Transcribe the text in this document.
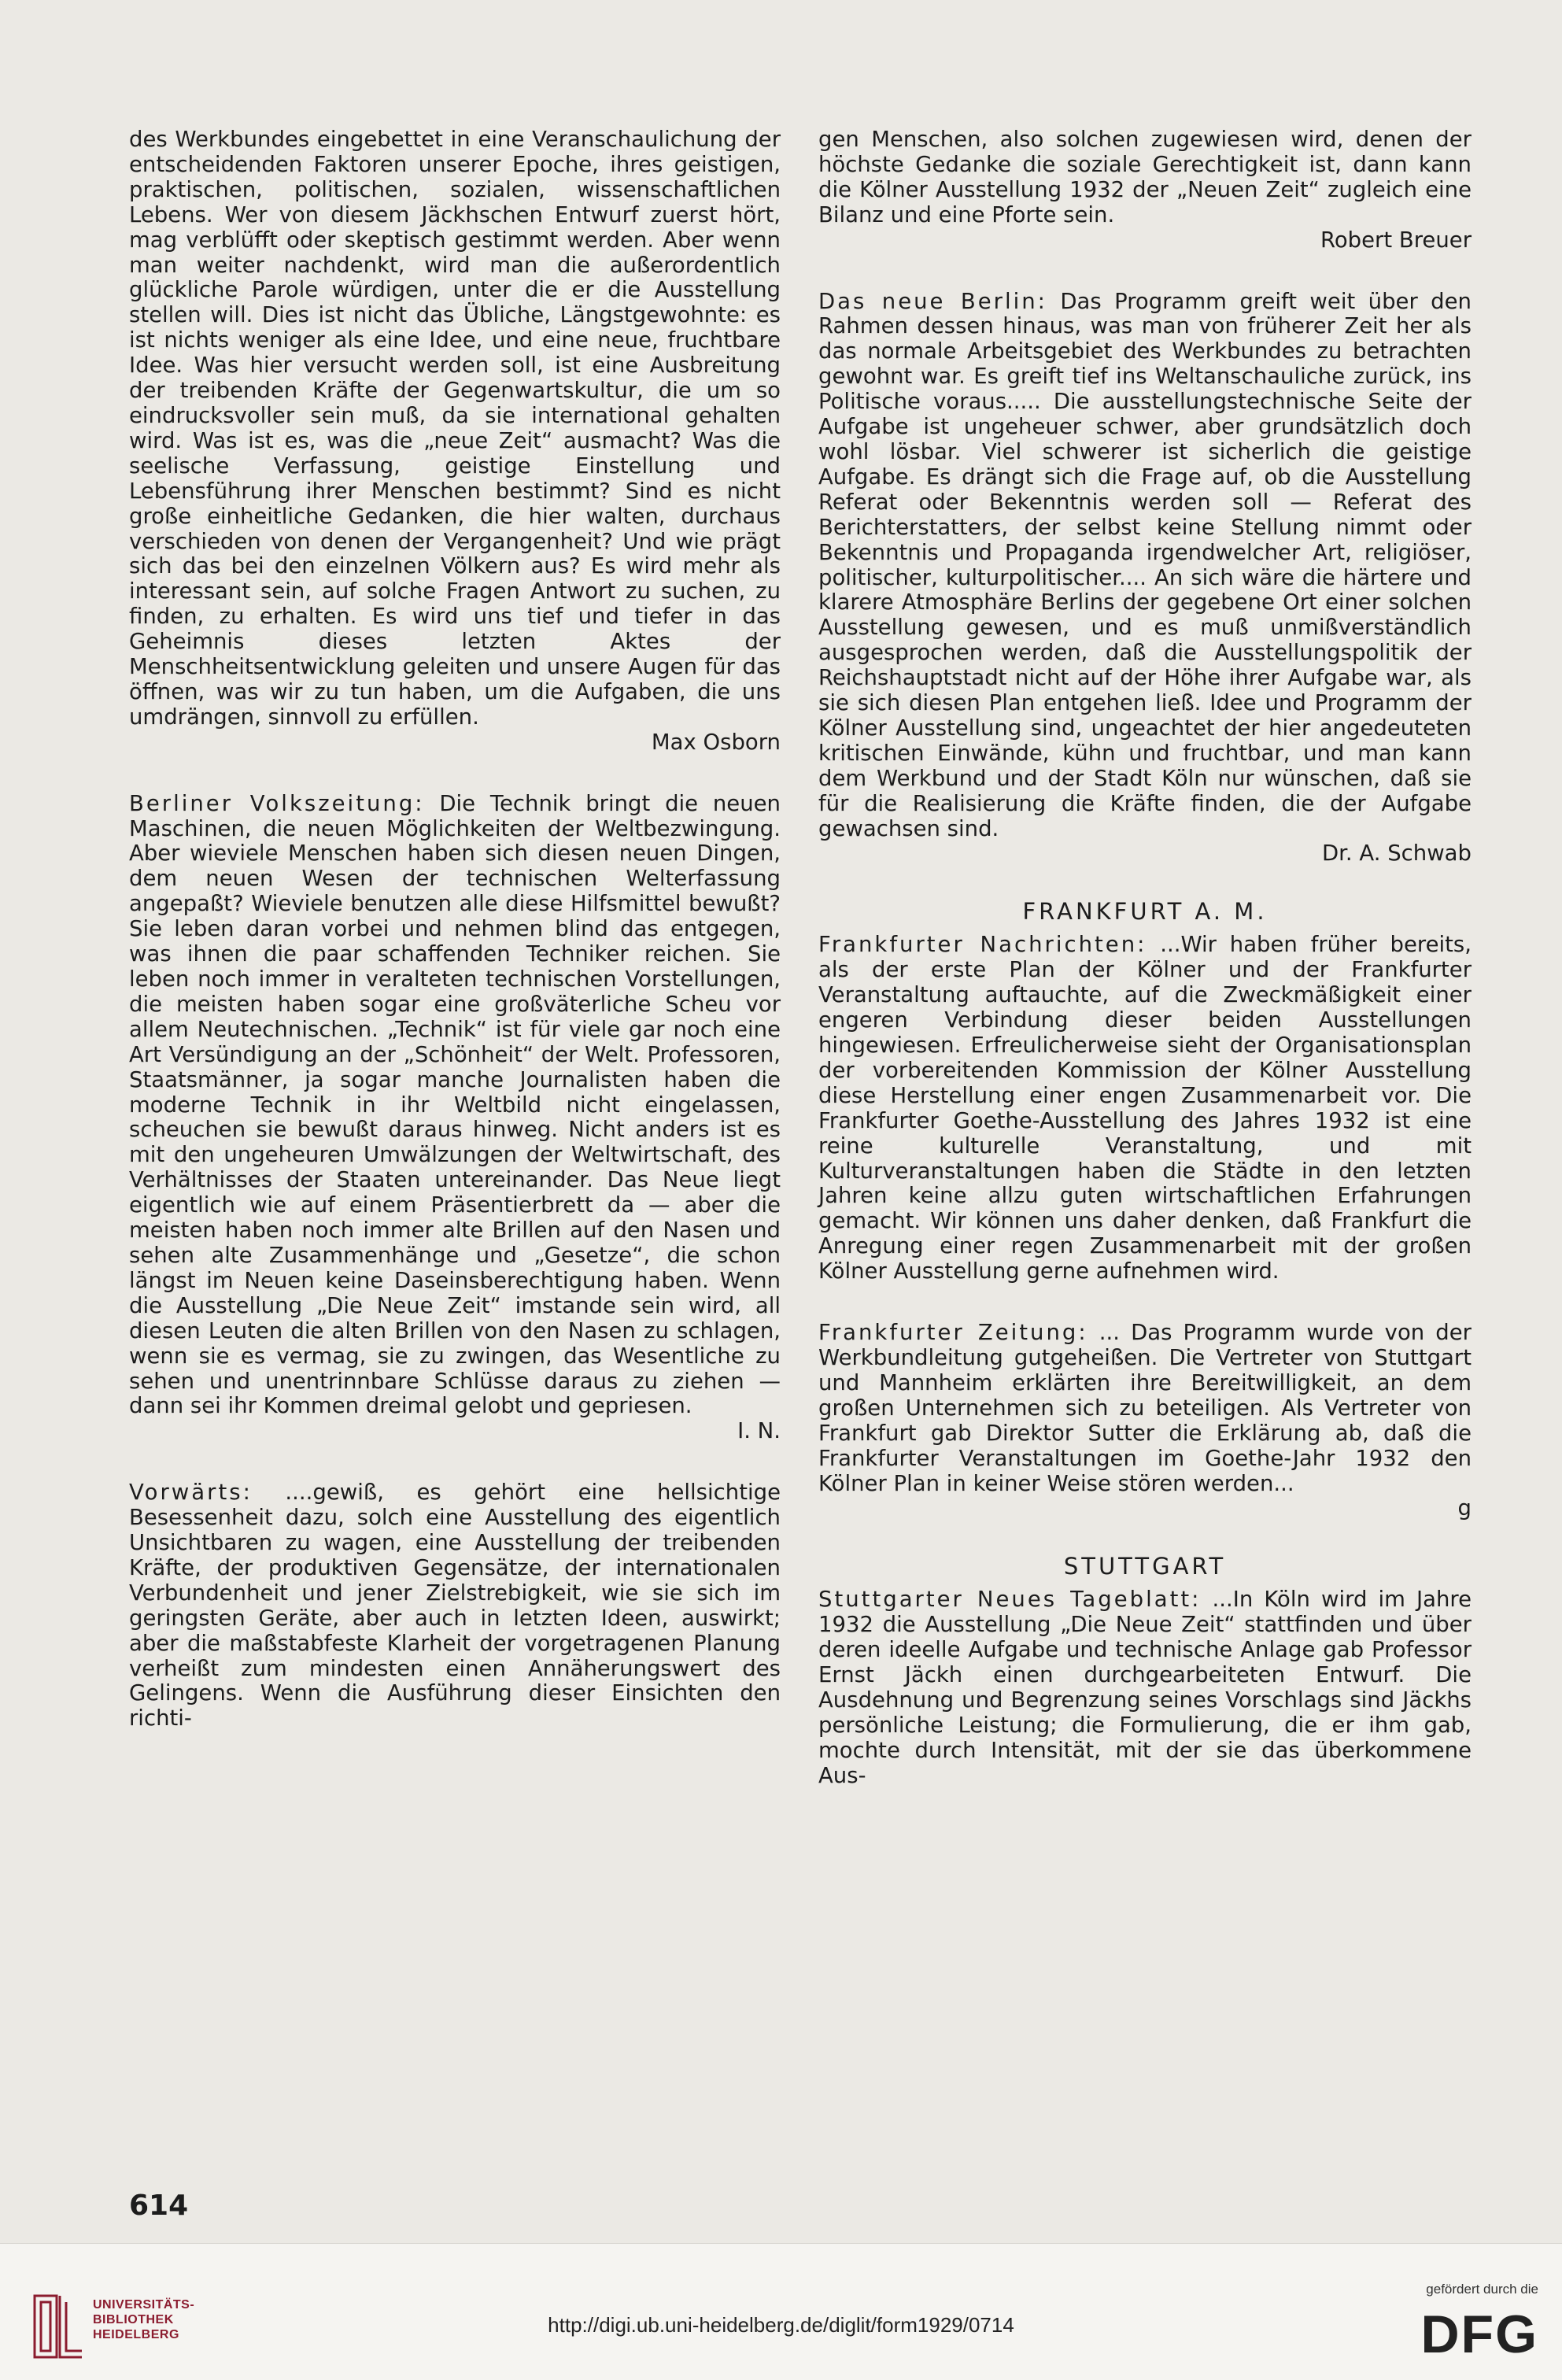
des Werkbundes eingebettet in eine Veranschaulichung der entscheidenden Faktoren unserer Epoche, ihres geistigen, praktischen, politischen, sozialen, wissenschaftlichen Lebens. Wer von diesem Jäckhschen Entwurf zuerst hört, mag verblüfft oder skeptisch gestimmt werden. Aber wenn man weiter nachdenkt, wird man die außerordentlich glückliche Parole würdigen, unter die er die Ausstellung stellen will. Dies ist nicht das Übliche, Längstgewohnte: es ist nichts weniger als eine Idee, und eine neue, fruchtbare Idee. Was hier versucht werden soll, ist eine Ausbreitung der treibenden Kräfte der Gegenwartskultur, die um so eindrucksvoller sein muß, da sie international gehalten wird. Was ist es, was die „neue Zeit“ ausmacht? Was die seelische Verfassung, geistige Einstellung und Lebensführung ihrer Menschen bestimmt? Sind es nicht große einheitliche Gedanken, die hier walten, durchaus verschieden von denen der Vergangenheit? Und wie prägt sich das bei den einzelnen Völkern aus? Es wird mehr als interessant sein, auf solche Fragen Antwort zu suchen, zu finden, zu erhalten. Es wird uns tief und tiefer in das Geheimnis dieses letzten Aktes der Menschheitsentwicklung geleiten und unsere Augen für das öffnen, was wir zu tun haben, um die Aufgaben, die uns umdrängen, sinnvoll zu erfüllen.
Max Osborn

Berliner Volkszeitung: Die Technik bringt die neuen Maschinen, die neuen Möglichkeiten der Weltbezwingung. Aber wieviele Menschen haben sich diesen neuen Dingen, dem neuen Wesen der technischen Welterfassung angepaßt? Wieviele benutzen alle diese Hilfsmittel bewußt? Sie leben daran vorbei und nehmen blind das entgegen, was ihnen die paar schaffenden Techniker reichen. Sie leben noch immer in veralteten technischen Vorstellungen, die meisten haben sogar eine großväterliche Scheu vor allem Neutechnischen. „Technik“ ist für viele gar noch eine Art Versündigung an der „Schönheit“ der Welt. Professoren, Staatsmänner, ja sogar manche Journalisten haben die moderne Technik in ihr Weltbild nicht eingelassen, scheuchen sie bewußt daraus hinweg. Nicht anders ist es mit den ungeheuren Umwälzungen der Weltwirtschaft, des Verhältnisses der Staaten untereinander. Das Neue liegt eigentlich wie auf einem Präsentierbrett da — aber die meisten haben noch immer alte Brillen auf den Nasen und sehen alte Zusammenhänge und „Gesetze“, die schon längst im Neuen keine Daseinsberechtigung haben. Wenn die Ausstellung „Die Neue Zeit“ imstande sein wird, all diesen Leuten die alten Brillen von den Nasen zu schlagen, wenn sie es vermag, sie zu zwingen, das Wesentliche zu sehen und unentrinnbare Schlüsse daraus zu ziehen — dann sei ihr Kommen dreimal gelobt und gepriesen.
I. N.

Vorwärts: ....gewiß, es gehört eine hellsichtige Besessenheit dazu, solch eine Ausstellung des eigentlich Unsichtbaren zu wagen, eine Ausstellung der treibenden Kräfte, der produktiven Gegensätze, der internationalen Verbundenheit und jener Zielstrebigkeit, wie sie sich im geringsten Geräte, aber auch in letzten Ideen, auswirkt; aber die maßstabfeste Klarheit der vorgetragenen Planung verheißt zum mindesten einen Annäherungswert des Gelingens. Wenn die Ausführung dieser Einsichten den richti-

gen Menschen, also solchen zugewiesen wird, denen der höchste Gedanke die soziale Gerechtigkeit ist, dann kann die Kölner Ausstellung 1932 der „Neuen Zeit“ zugleich eine Bilanz und eine Pforte sein.
Robert Breuer

Das neue Berlin: Das Programm greift weit über den Rahmen dessen hinaus, was man von früherer Zeit her als das normale Arbeitsgebiet des Werkbundes zu betrachten gewohnt war. Es greift tief ins Weltanschauliche zurück, ins Politische voraus..... Die ausstellungstechnische Seite der Aufgabe ist ungeheuer schwer, aber grundsätzlich doch wohl lösbar. Viel schwerer ist sicherlich die geistige Aufgabe. Es drängt sich die Frage auf, ob die Ausstellung Referat oder Bekenntnis werden soll — Referat des Berichterstatters, der selbst keine Stellung nimmt oder Bekenntnis und Propaganda irgendwelcher Art, religiöser, politischer, kulturpolitischer.... An sich wäre die härtere und klarere Atmosphäre Berlins der gegebene Ort einer solchen Ausstellung gewesen, und es muß unmißverständlich ausgesprochen werden, daß die Ausstellungspolitik der Reichshauptstadt nicht auf der Höhe ihrer Aufgabe war, als sie sich diesen Plan entgehen ließ. Idee und Programm der Kölner Ausstellung sind, ungeachtet der hier angedeuteten kritischen Einwände, kühn und fruchtbar, und man kann dem Werkbund und der Stadt Köln nur wünschen, daß sie für die Realisierung die Kräfte finden, die der Aufgabe gewachsen sind.
Dr. A. Schwab

FRANKFURT A. M.

Frankfurter Nachrichten: ...Wir haben früher bereits, als der erste Plan der Kölner und der Frankfurter Veranstaltung auftauchte, auf die Zweckmäßigkeit einer engeren Verbindung dieser beiden Ausstellungen hingewiesen. Erfreulicherweise sieht der Organisationsplan der vorbereitenden Kommission der Kölner Ausstellung diese Herstellung einer engen Zusammenarbeit vor. Die Frankfurter Goethe-Ausstellung des Jahres 1932 ist eine reine kulturelle Veranstaltung, und mit Kulturveranstaltungen haben die Städte in den letzten Jahren keine allzu guten wirtschaftlichen Erfahrungen gemacht. Wir können uns daher denken, daß Frankfurt die Anregung einer regen Zusammenarbeit mit der großen Kölner Ausstellung gerne aufnehmen wird.

Frankfurter Zeitung: ... Das Programm wurde von der Werkbundleitung gutgeheißen. Die Vertreter von Stuttgart und Mannheim erklärten ihre Bereitwilligkeit, an dem großen Unternehmen sich zu beteiligen. Als Vertreter von Frankfurt gab Direktor Sutter die Erklärung ab, daß die Frankfurter Veranstaltungen im Goethe-Jahr 1932 den Kölner Plan in keiner Weise stören werden...
g

STUTTGART

Stuttgarter Neues Tageblatt: ...In Köln wird im Jahre 1932 die Ausstellung „Die Neue Zeit“ stattfinden und über deren ideelle Aufgabe und technische Anlage gab Professor Ernst Jäckh einen durchgearbeiteten Entwurf. Die Ausdehnung und Begrenzung seines Vorschlags sind Jäckhs persönliche Leistung; die Formulierung, die er ihm gab, mochte durch Intensität, mit der sie das überkommene Aus-

614
UNIVERSITÄTS-
BIBLIOTHEK
HEIDELBERG	http://digi.ub.uni-heidelberg.de/diglit/form1929/0714
gefördert durch die
DFG
